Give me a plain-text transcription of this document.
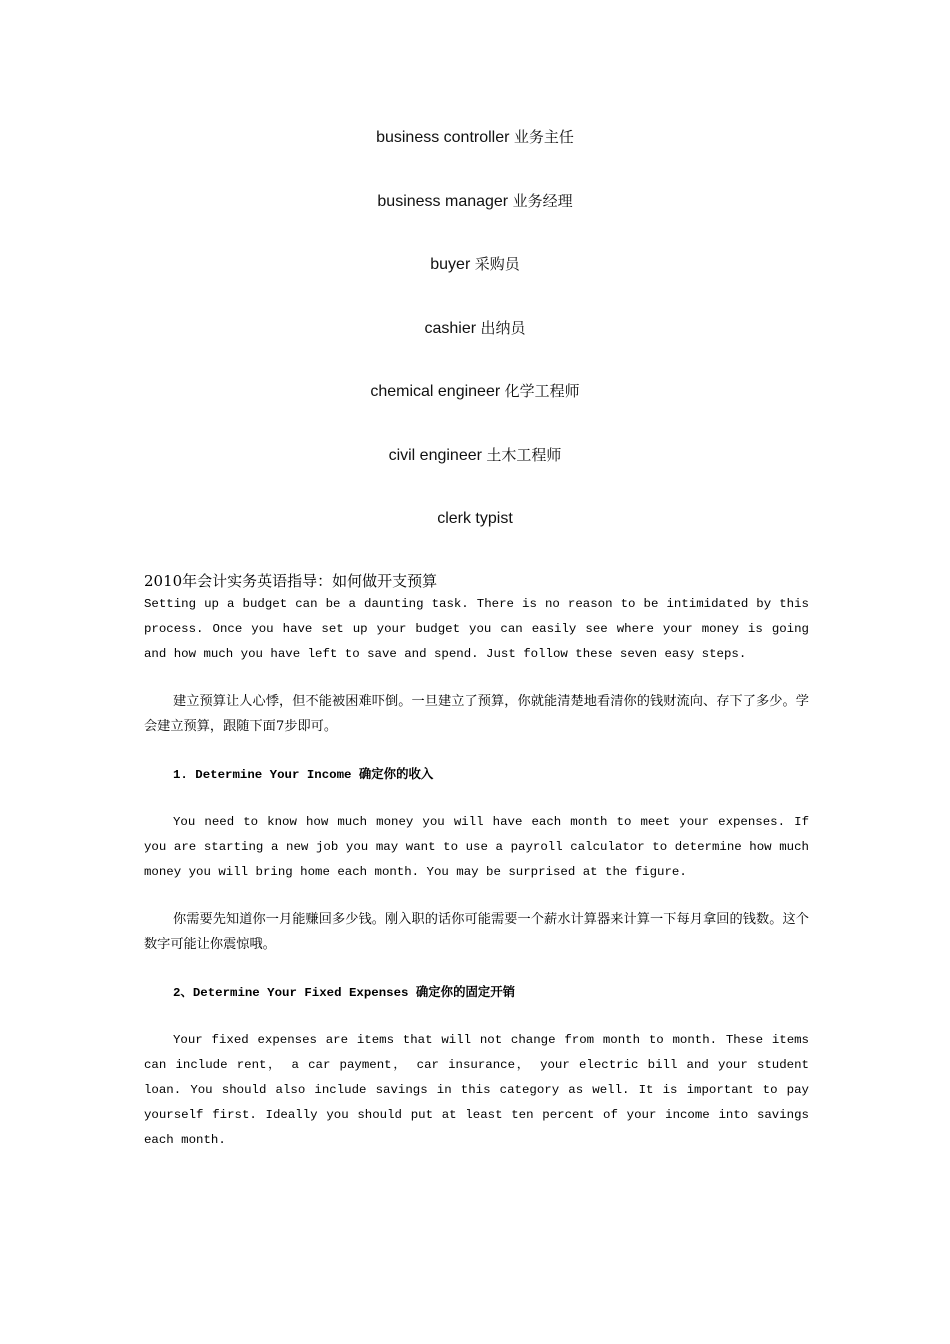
business controller 业务主任
business manager 业务经理
buyer 采购员
cashier 出纳员
chemical engineer 化学工程师
civil engineer 土木工程师
clerk typist

2010年会计实务英语指导：如何做开支预算

Setting up a budget can be a daunting task. There is no reason to be intimidated by this process. Once you have set up your budget you can easily see where your money is going and how much you have left to save and spend. Just follow these seven easy steps.

建立预算让人心悸，但不能被困难吓倒。一旦建立了预算，你就能清楚地看清你的钱财流向、存下了多少。学会建立预算，跟随下面7步即可。

1. Determine Your Income 确定你的收入

You need to know how much money you will have each month to meet your expenses. If you are starting a new job you may want to use a payroll calculator to determine how much money you will bring home each month. You may be surprised at the figure.

你需要先知道你一月能赚回多少钱。刚入职的话你可能需要一个薪水计算器来计算一下每月拿回的钱数。这个数字可能让你震惊哦。

2、Determine Your Fixed Expenses 确定你的固定开销

Your fixed expenses are items that will not change from month to month. These items can include rent， a car payment， car insurance， your electric bill and your student loan. You should also include savings in this category as well. It is important to pay yourself first. Ideally you should put at least ten percent of your income into savings each month.
